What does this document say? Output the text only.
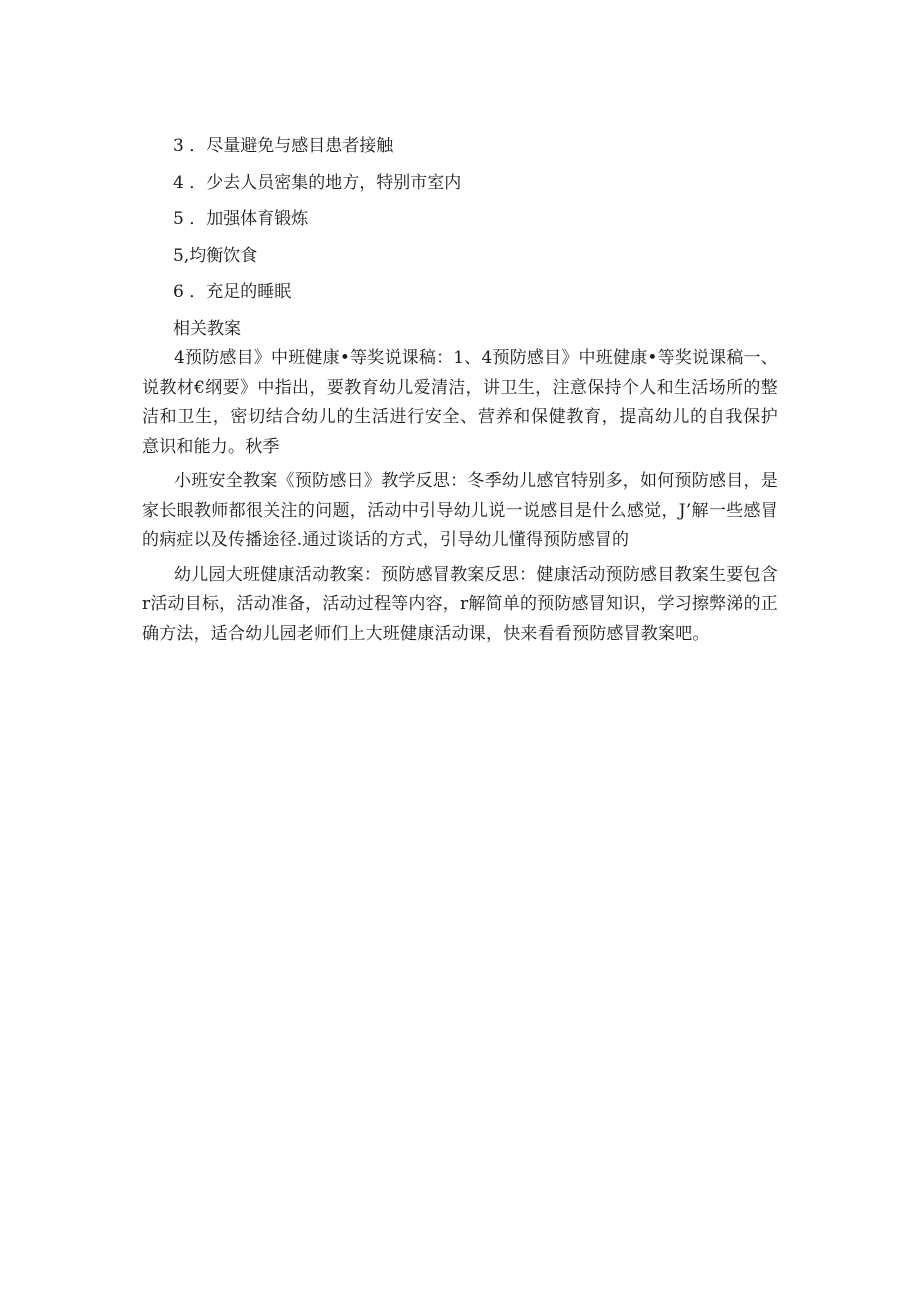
3 ．尽量避免与感目患者接触
4 ．少去人员密集的地方，特别市室内
5 ．加强体育锻炼
5,均衡饮食
6 ．充足的睡眠
相关教案

4预防感目》中班健康•等奖说课稿：1、4预防感目》中班健康•等奖说课稿一、说教材€纲要》中指出，要教育幼儿爱清洁，讲卫生，注意保持个人和生活场所的整洁和卫生，密切结合幼儿的生活进行安全、营养和保健教育，提高幼儿的自我保护意识和能力。秋季

小班安全教案《预防感日》教学反思：冬季幼儿感官特别多，如何预防感目，是家长眼教师都很关注的问题，活动中引导幼儿说一说感目是什么感觉，J’解一些感冒的病症以及传播途径.通过谈话的方式，引导幼儿懂得预防感冒的

幼儿园大班健康活动教案：预防感冒教案反思：健康活动预防感目教案生要包含r活动目标，活动准备，活动过程等内容，r解简单的预防感冒知识，学习擦弊涕的正确方法，适合幼儿园老师们上大班健康活动课，快来看看预防感冒教案吧。
